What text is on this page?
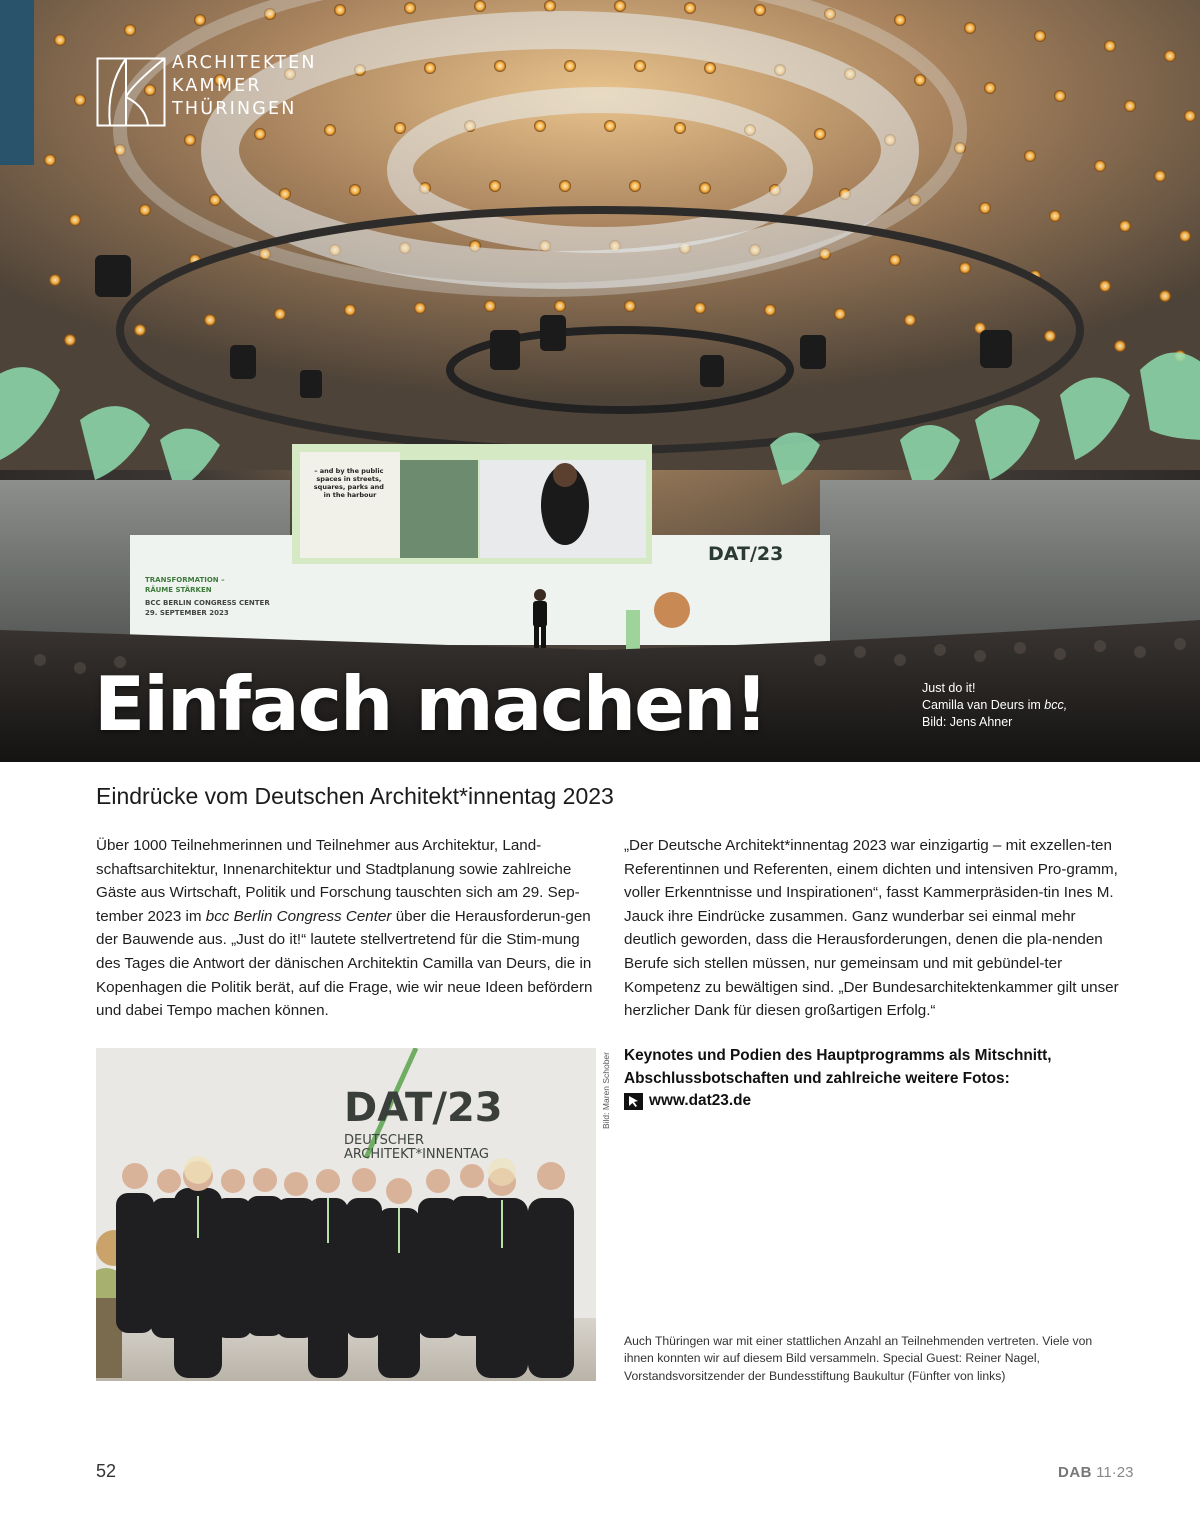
– and by the public spaces in streets, squares, parks and in the harbour
TRANSFORMATION – RÄUME STÄRKEN BCC BERLIN CONGRESS CENTER 29. SEPTEMBER 2023
DAT/23
ARCHITEKTEN
KAMMER
THÜRINGEN
Einfach machen!	Just do it!
Camilla van Deurs im bcc,
Bild: Jens Ahner
Eindrücke vom Deutschen Architekt*innentag 2023
Über 1000 Teilnehmerinnen und Teilnehmer aus Architektur, Land-schaftsarchitektur, Innenarchitektur und Stadtplanung sowie zahlreiche Gäste aus Wirtschaft, Politik und Forschung tauschten sich am 29. Sep-tember 2023 im bcc Berlin Congress Center über die Herausforderun-gen der Bauwende aus. „Just do it!“ lautete stellvertretend für die Stim-mung des Tages die Antwort der dänischen Architektin Camilla van Deurs, die in Kopenhagen die Politik berät, auf die Frage, wie wir neue Ideen befördern und dabei Tempo machen können.
„Der Deutsche Architekt*innentag 2023 war einzigartig – mit exzellen-ten Referentinnen und Referenten, einem dichten und intensiven Pro-gramm, voller Erkenntnisse und Inspirationen“, fasst Kammerpräsiden-tin Ines M. Jauck ihre Eindrücke zusammen. Ganz wunderbar sei einmal mehr deutlich geworden, dass die Herausforderungen, denen die pla-nenden Berufe sich stellen müssen, nur gemeinsam und mit gebündel-ter Kompetenz zu bewältigen sind. „Der Bundesarchitektenkammer gilt unser herzlicher Dank für diesen großartigen Erfolg.“
DAT/23
DEUTSCHER
ARCHITEKT*INNENTAG
Bild: Maren Schober Keynotes und Podien des Hauptprogramms als Mitschnitt, Abschlussbotschaften und zahlreiche weitere Fotos:
www.dat23.de
Auch Thüringen war mit einer stattlichen Anzahl an Teilnehmenden vertreten. Viele von ihnen konnten wir auf diesem Bild versammeln. Special Guest: Reiner Nagel, Vorstandsvorsitzender der Bundesstiftung Baukultur (Fünfter von links)
52	DAB 11·23
